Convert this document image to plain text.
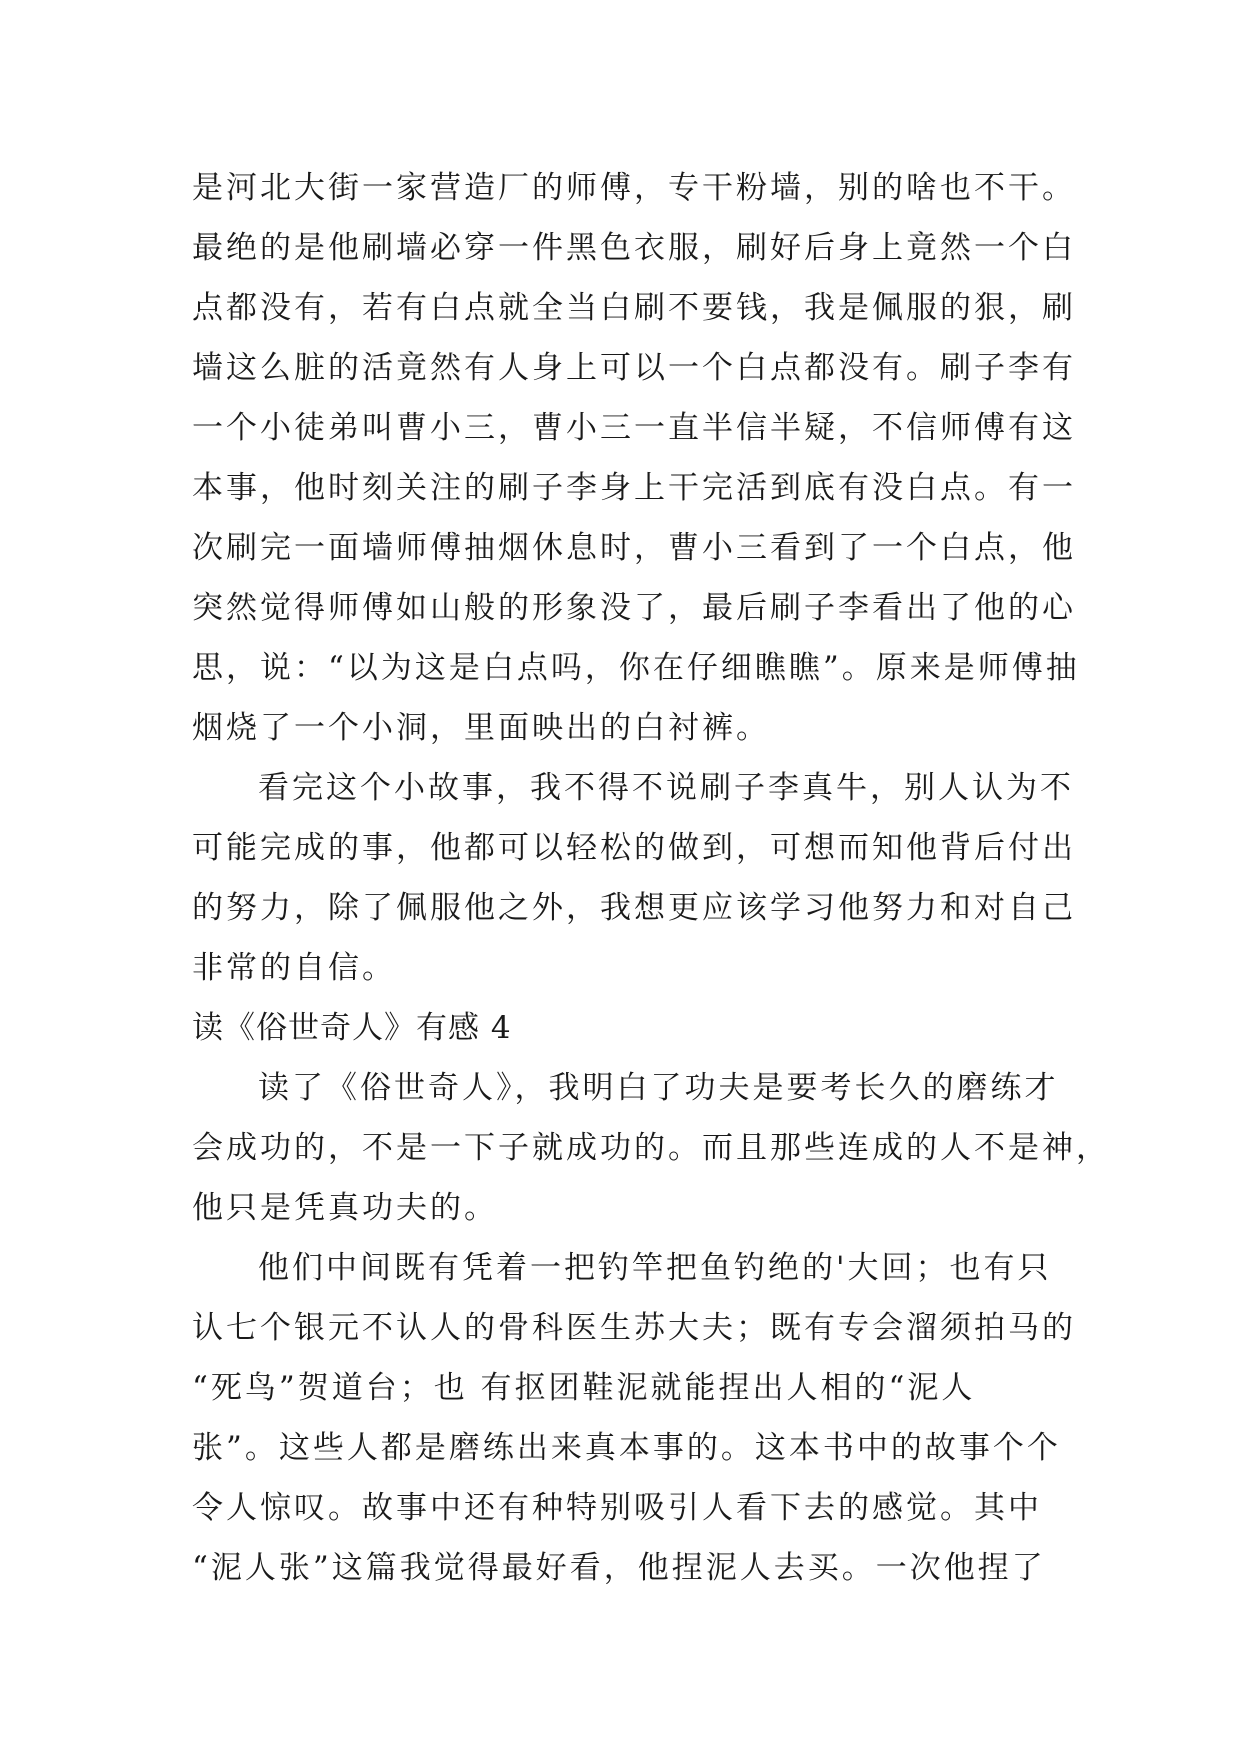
是河北大街一家营造厂的师傅，专干粉墙，别的啥也不干。
最绝的是他刷墙必穿一件黑色衣服，刷好后身上竟然一个白
点都没有，若有白点就全当白刷不要钱，我是佩服的狠，刷
墙这么脏的活竟然有人身上可以一个白点都没有。刷子李有
一个小徒弟叫曹小三，曹小三一直半信半疑，不信师傅有这
本事，他时刻关注的刷子李身上干完活到底有没白点。有一
次刷完一面墙师傅抽烟休息时，曹小三看到了一个白点，他
突然觉得师傅如山般的形象没了，最后刷子李看出了他的心
思，说：“以为这是白点吗，你在仔细瞧瞧”。原来是师傅抽
烟烧了一个小洞，里面映出的白衬裤。
看完这个小故事，我不得不说刷子李真牛，别人认为不
可能完成的事，他都可以轻松的做到，可想而知他背后付出
的努力，除了佩服他之外，我想更应该学习他努力和对自己
非常的自信。
读《俗世奇人》有感 4
读了《俗世奇人》，我明白了功夫是要考长久的磨练才
会成功的，不是一下子就成功的。而且那些连成的人不是神，
他只是凭真功夫的。
他们中间既有凭着一把钓竿把鱼钓绝的'大回；也有只
认七个银元不认人的骨科医生苏大夫；既有专会溜须拍马的
“死鸟”贺道台；也 有抠团鞋泥就能捏出人相的“泥人
张”。这些人都是磨练出来真本事的。这本书中的故事个个
令人惊叹。故事中还有种特别吸引人看下去的感觉。其中
“泥人张”这篇我觉得最好看，他捏泥人去买。一次他捏了
